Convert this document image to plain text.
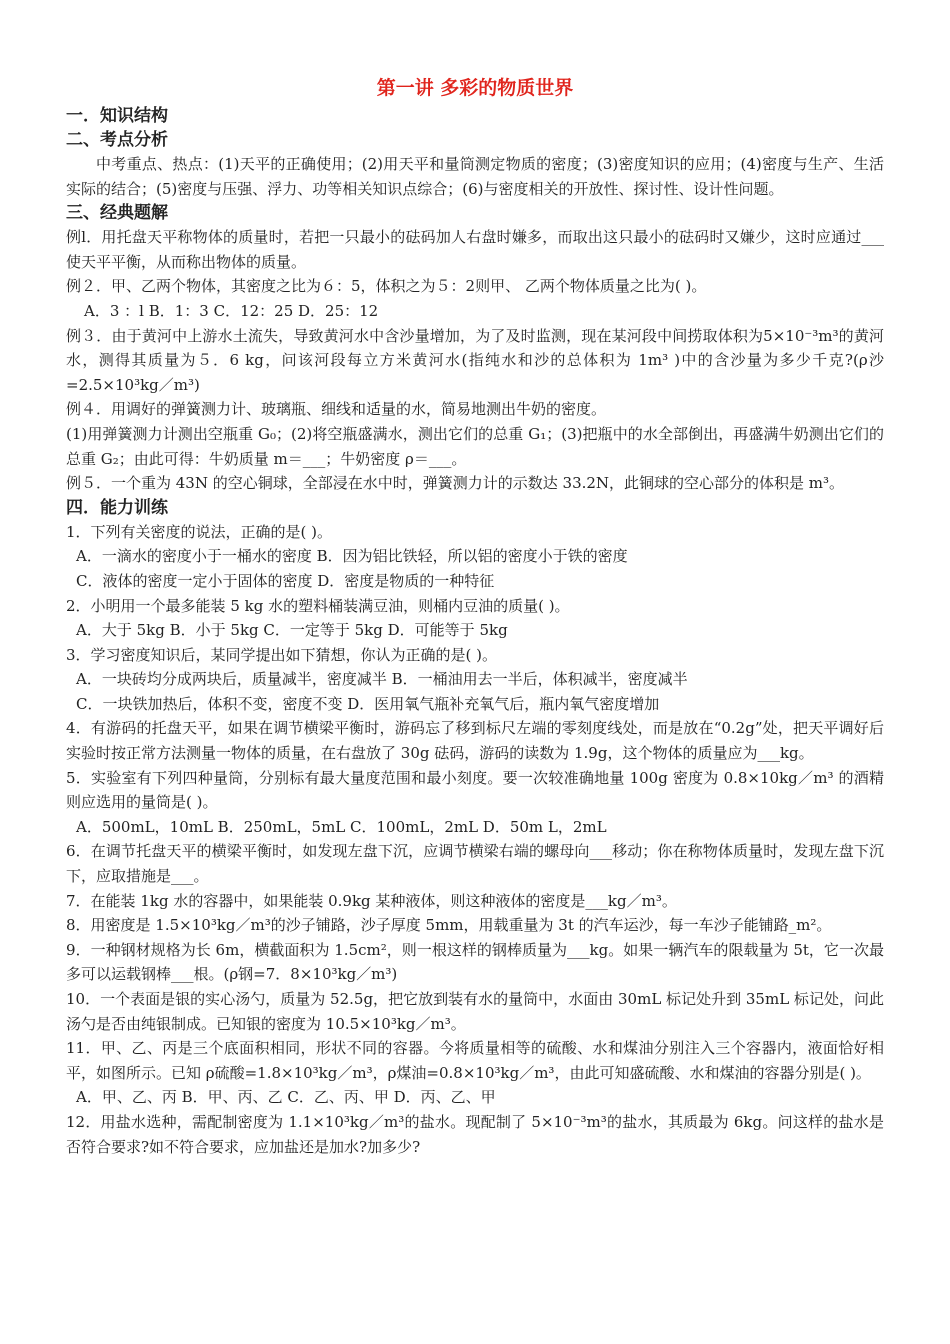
第一讲 多彩的物质世界
一．知识结构
二、考点分析

中考重点、热点：(1)天平的正确使用；(2)用天平和量筒测定物质的密度；(3)密度知识的应用；(4)密度与生产、生活实际的结合；(5)密度与压强、浮力、功等相关知识点综合；(6)与密度相关的开放性、探讨性、设计性问题。

三、经典题解

例l．用托盘天平称物体的质量时，若把一只最小的砝码加人右盘时嫌多，而取出这只最小的砝码时又嫌少，这时应通过___使天平平衡，从而称出物体的质量。

例２．甲、乙两个物体，其密度之比为６：5，体积之为５：2则甲、 乙两个物体质量之比为( )。

A．3 ：l B．1：3 C．12：25 D．25：12

例３．由于黄河中上游水土流失，导致黄河水中含沙量增加，为了及时监测，现在某河段中间捞取体积为5×10⁻³m³的黄河水，测得其质量为５．6 kg，问该河段每立方米黄河水(指纯水和沙的总体积为 1m³ )中的含沙量为多少千克?(ρ沙=2.5×10³kg／m³)

例４．用调好的弹簧测力计、玻璃瓶、细线和适量的水，简易地测出牛奶的密度。

(1)用弹簧测力计测出空瓶重 G₀；(2)将空瓶盛满水，测出它们的总重 G₁；(3)把瓶中的水全部倒出，再盛满牛奶测出它们的总重 G₂；由此可得：牛奶质量 m＝___；牛奶密度 ρ＝___。

例５．一个重为 43N 的空心铜球，全部浸在水中时，弹簧测力计的示数达 33.2N，此铜球的空心部分的体积是 m³。

四．能力训练

1．下列有关密度的说法，正确的是( )。

A．一滴水的密度小于一桶水的密度 B．因为铝比铁轻，所以铝的密度小于铁的密度

C．液体的密度一定小于固体的密度 D．密度是物质的一种特征

2．小明用一个最多能装 5 kg 水的塑料桶装满豆油，则桶内豆油的质量( )。

A．大于 5kg B．小于 5kg C．一定等于 5kg D．可能等于 5kg

3．学习密度知识后，某同学提出如下猜想，你认为正确的是( )。

A．一块砖均分成两块后，质量减半，密度减半 B．一桶油用去一半后，体积减半，密度减半

C．一块铁加热后，体积不变，密度不变 D．医用氧气瓶补充氧气后，瓶内氧气密度增加

4．有游码的托盘天平，如果在调节横梁平衡时，游码忘了移到标尺左端的零刻度线处，而是放在“0.2g”处，把天平调好后实验时按正常方法测量一物体的质量，在右盘放了 30g 砝码，游码的读数为 1.9g，这个物体的质量应为___kg。

5．实验室有下列四种量筒，分别标有最大量度范围和最小刻度。要一次较准确地量 100g 密度为 0.8×10kg／m³ 的酒精则应选用的量筒是( )。

A．500mL，10mL B．250mL，5mL C．100mL，2mL D．50m L，2mL

6．在调节托盘天平的横梁平衡时，如发现左盘下沉，应调节横梁右端的螺母向___移动；你在称物体质量时，发现左盘下沉下，应取措施是___。

7．在能装 1kg 水的容器中，如果能装 0.9kg 某种液体，则这种液体的密度是___kg／m³。

8．用密度是 1.5×10³kg／m³的沙子铺路，沙子厚度 5mm，用载重量为 3t 的汽车运沙，每一车沙子能铺路_m²。

9．一种钢材规格为长 6m，横截面积为 1.5cm²，则一根这样的钢棒质量为___kg。如果一辆汽车的限载量为 5t，它一次最多可以运载钢棒___根。(ρ钢=7．8×10³kg／m³)

10．一个表面是银的实心汤勺，质量为 52.5g，把它放到装有水的量筒中，水面由 30mL 标记处升到 35mL 标记处，问此汤勺是否由纯银制成。已知银的密度为 10.5×10³kg／m³。

11．甲、乙、丙是三个底面积相同，形状不同的容器。今将质量相等的硫酸、水和煤油分别注入三个容器内，液面恰好相平，如图所示。已知 ρ硫酸=1.8×10³kg／m³，ρ煤油=0.8×10³kg／m³，由此可知盛硫酸、水和煤油的容器分别是( )。

A．甲、乙、丙 B．甲、丙、乙 C．乙、丙、甲 D．丙、乙、甲

12．用盐水选种，需配制密度为 1.1×10³kg／m³的盐水。现配制了 5×10⁻³m³的盐水，其质最为 6kg。问这样的盐水是否符合要求?如不符合要求，应加盐还是加水?加多少?
